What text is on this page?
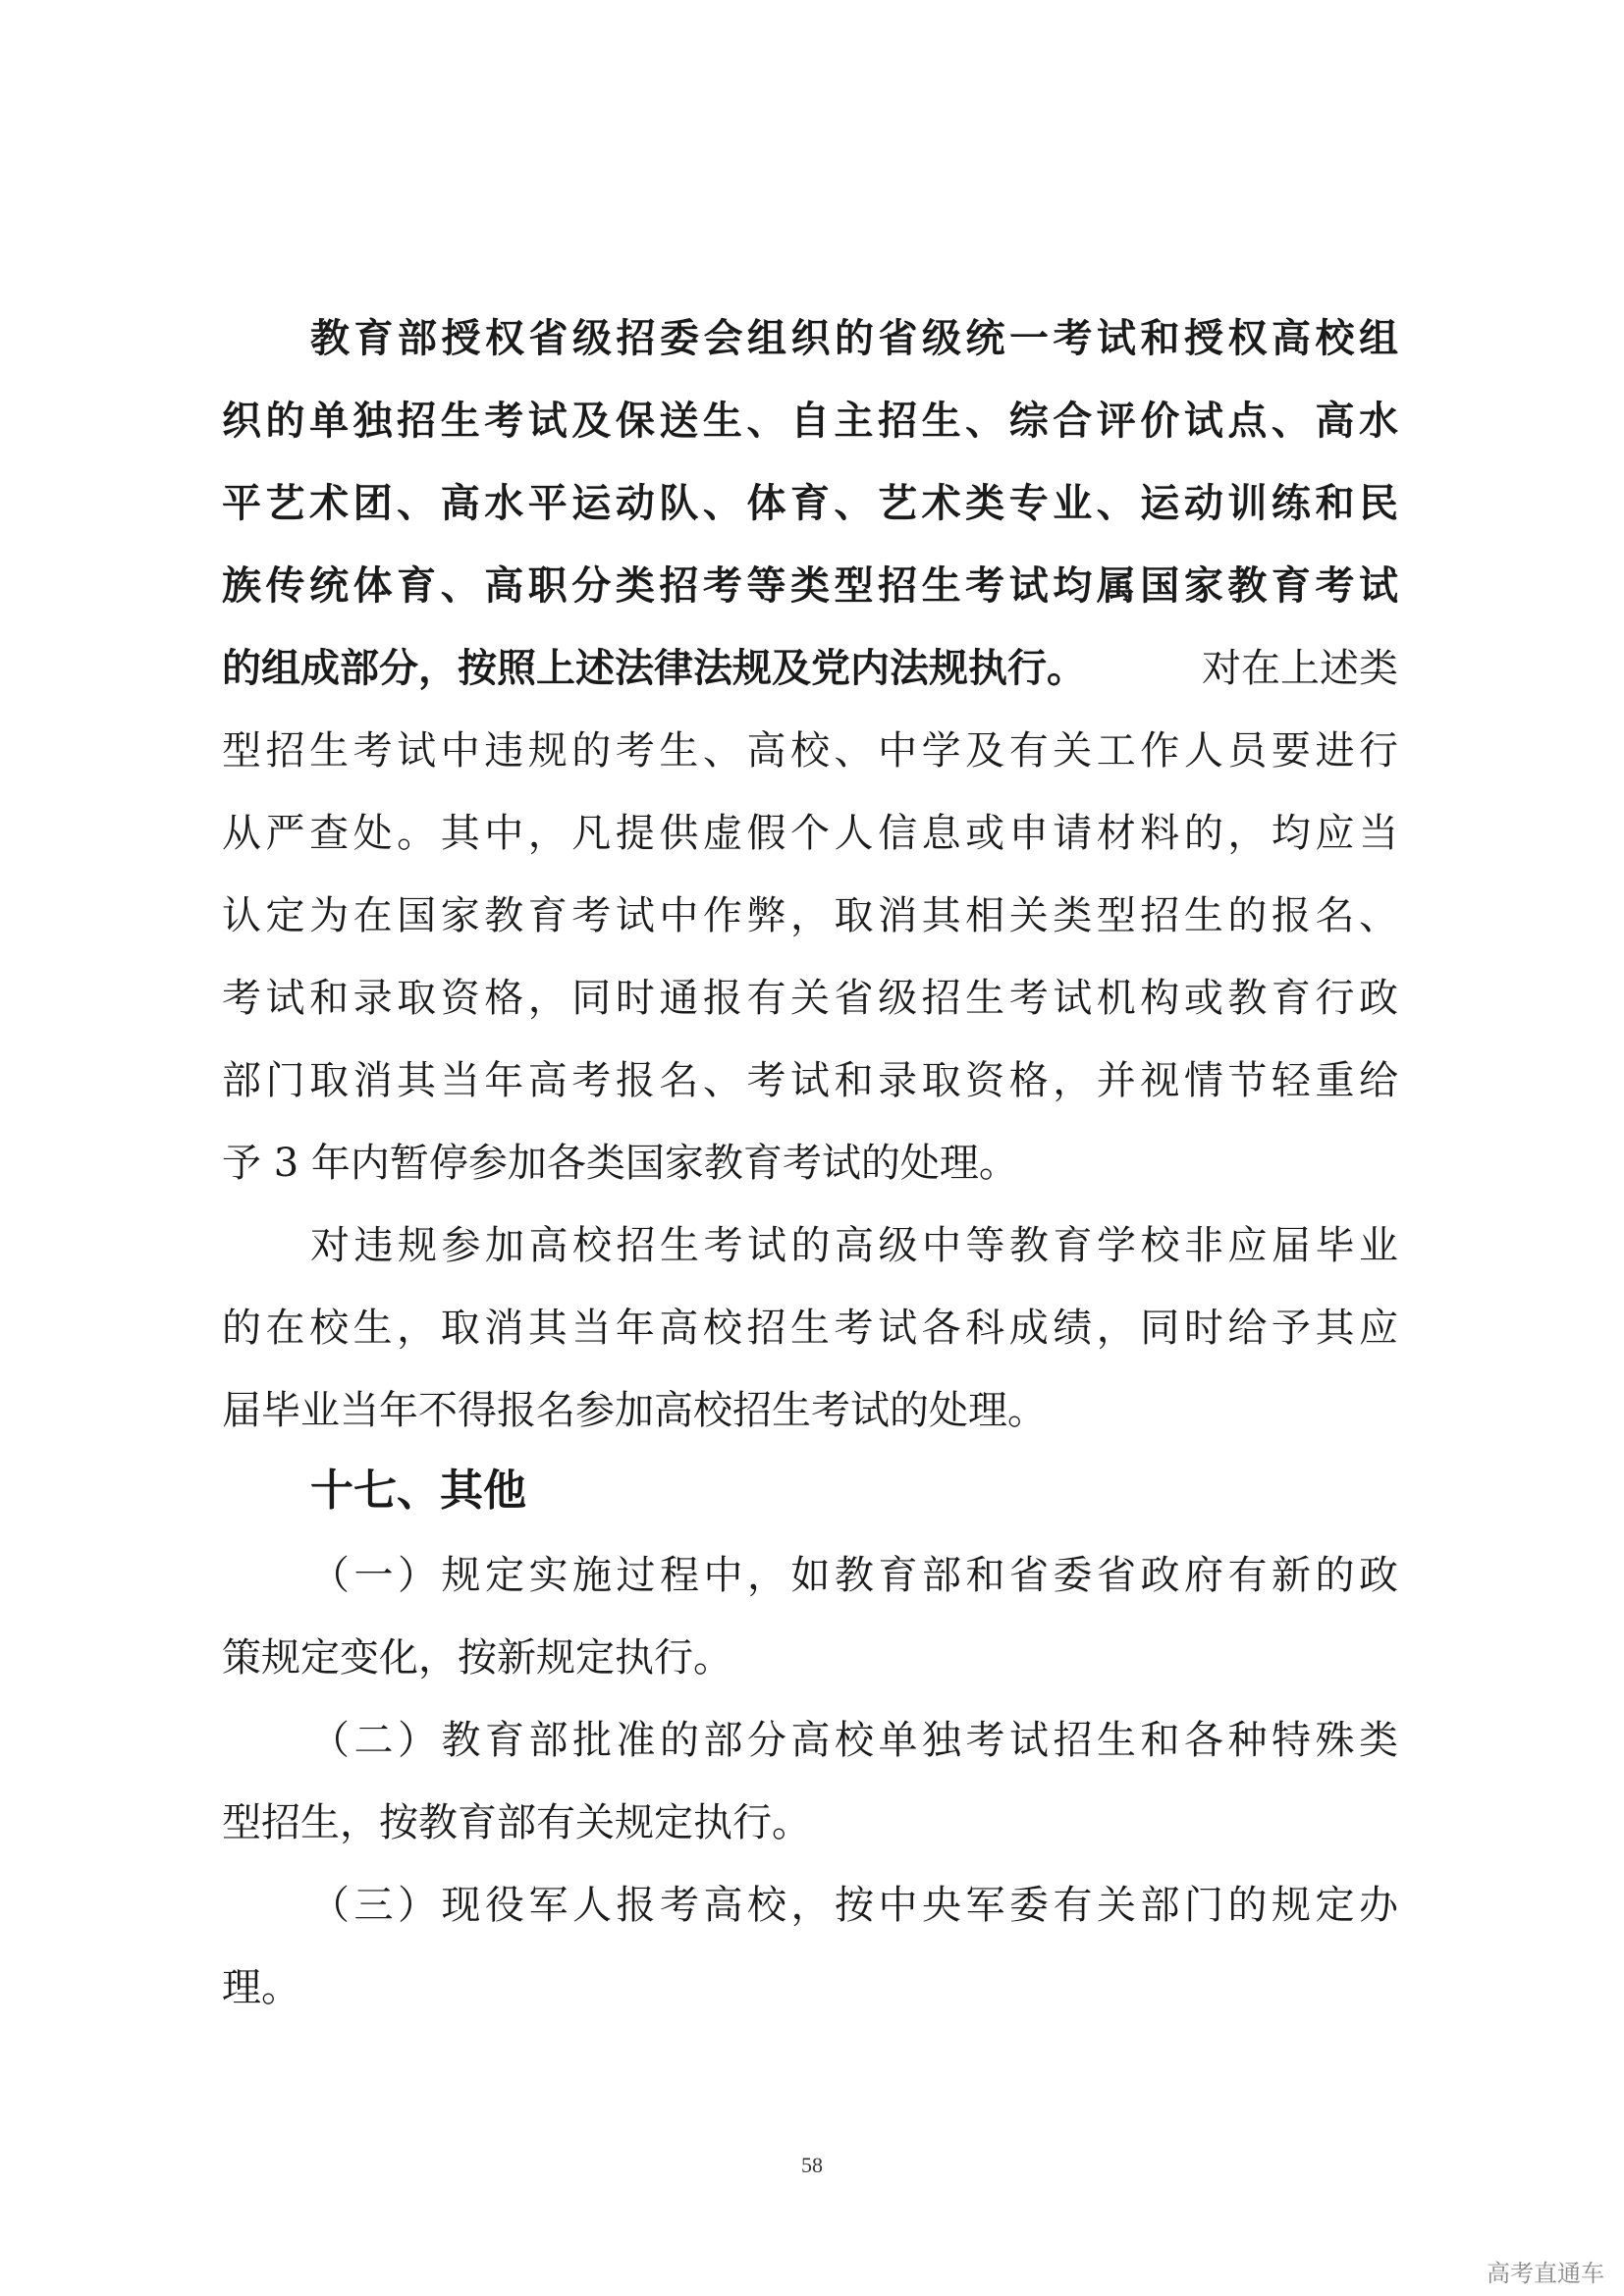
教育部授权省级招委会组织的省级统一考试和授权高校组
织的单独招生考试及保送生、自主招生、综合评价试点、高水
平艺术团、高水平运动队、体育、艺术类专业、运动训练和民
族传统体育、高职分类招考等类型招生考试均属国家教育考试
的组成部分，按照上述法律法规及党内法规执行。	对在上述类
型招生考试中违规的考生、高校、中学及有关工作人员要进行
从严查处。其中，凡提供虚假个人信息或申请材料的，均应当
认定为在国家教育考试中作弊，取消其相关类型招生的报名、
考试和录取资格，同时通报有关省级招生考试机构或教育行政
部门取消其当年高考报名、考试和录取资格，并视情节轻重给
予 3 年内暂停参加各类国家教育考试的处理。
对违规参加高校招生考试的高级中等教育学校非应届毕业
的在校生，取消其当年高校招生考试各科成绩，同时给予其应
届毕业当年不得报名参加高校招生考试的处理。
十七、其他
（一）规定实施过程中，如教育部和省委省政府有新的政
策规定变化，按新规定执行。
（二）教育部批准的部分高校单独考试招生和各种特殊类
型招生，按教育部有关规定执行。
（三）现役军人报考高校，按中央军委有关部门的规定办
理。
58
高考直通车
